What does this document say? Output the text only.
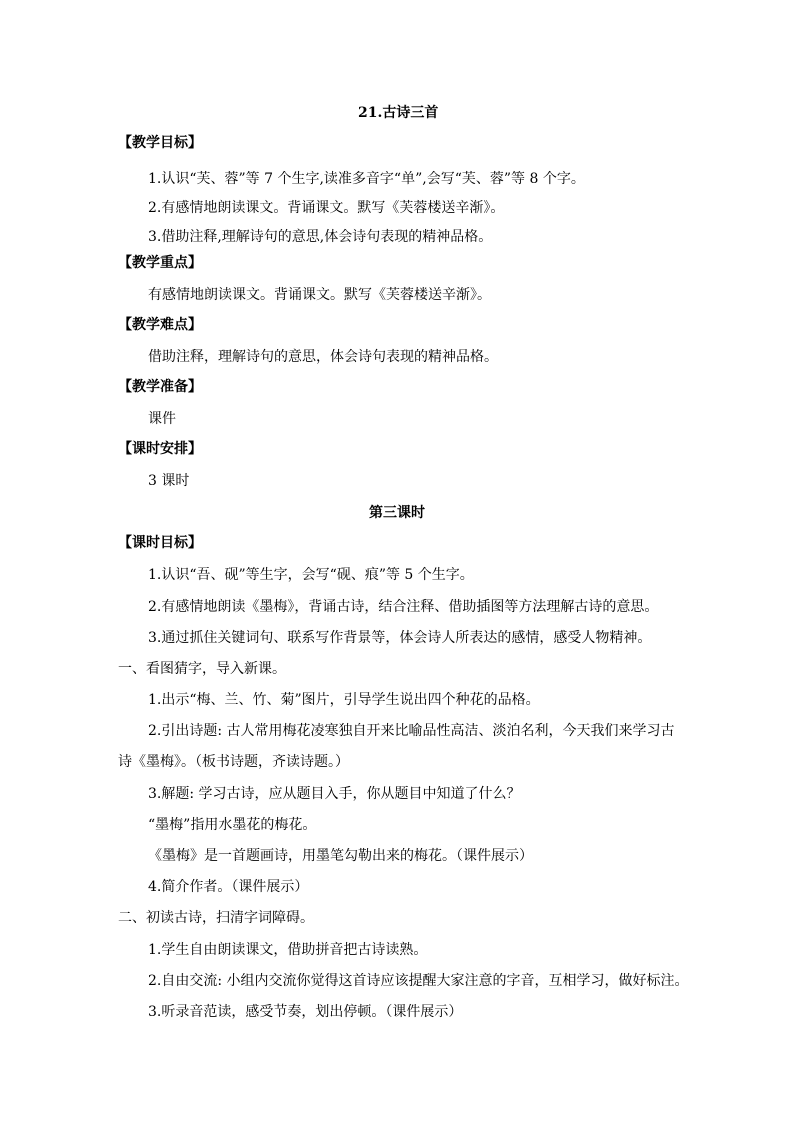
21.古诗三首
【教学目标】
1.认识“芙、蓉”等 7 个生字,读准多音字“单”,会写“芙、蓉”等 8 个字。
2.有感情地朗读课文。背诵课文。默写《芙蓉楼送辛渐》。
3.借助注释,理解诗句的意思,体会诗句表现的精神品格。
【教学重点】
有感情地朗读课文。背诵课文。默写《芙蓉楼送辛渐》。
【教学难点】
借助注释，理解诗句的意思，体会诗句表现的精神品格。
【教学准备】
课件
【课时安排】
3 课时
第三课时
【课时目标】
1.认识“吾、砚”等生字，会写“砚、痕”等 5 个生字。
2.有感情地朗读《墨梅》，背诵古诗，结合注释、借助插图等方法理解古诗的意思。
3.通过抓住关键词句、联系写作背景等，体会诗人所表达的感情，感受人物精神。
一、看图猜字，导入新课。
1.出示“梅、兰、竹、菊”图片，引导学生说出四个种花的品格。
2.引出诗题: 古人常用梅花凌寒独自开来比喻品性高洁、淡泊名利，今天我们来学习古
诗《墨梅》。（板书诗题，齐读诗题。）
3.解题: 学习古诗，应从题目入手，你从题目中知道了什么？
“墨梅”指用水墨花的梅花。
《墨梅》是一首题画诗，用墨笔勾勒出来的梅花。（课件展示）
4.简介作者。（课件展示）
二、初读古诗，扫清字词障碍。
1.学生自由朗读课文，借助拼音把古诗读熟。
2.自由交流: 小组内交流你觉得这首诗应该提醒大家注意的字音，互相学习，做好标注。
3.听录音范读，感受节奏，划出停顿。（课件展示）
